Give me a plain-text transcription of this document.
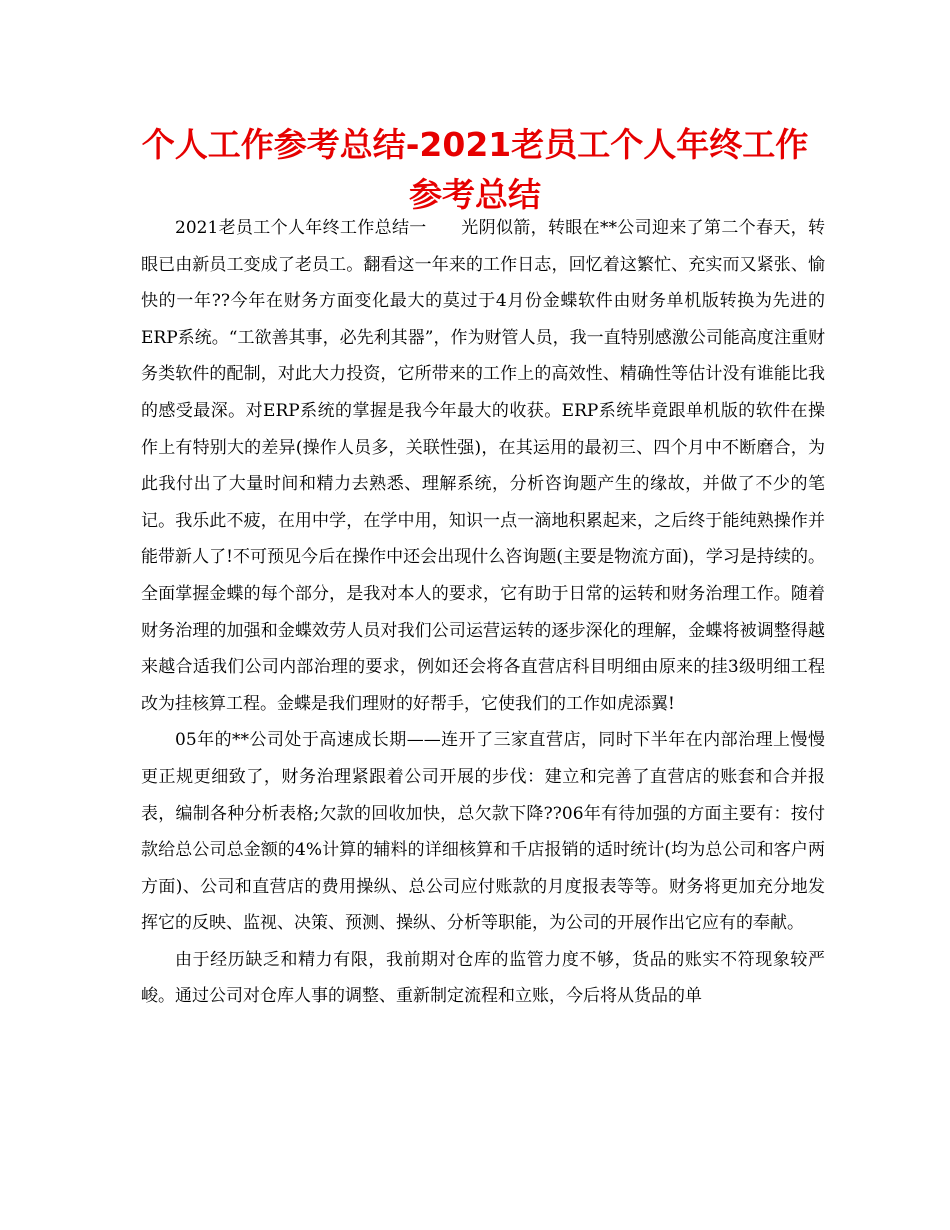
个人工作参考总结-2021老员工个人年终工作参考总结

2021老员工个人年终工作总结一　　光阴似箭，转眼在**公司迎来了第二个春天，转眼已由新员工变成了老员工。翻看这一年来的工作日志，回忆着这繁忙、充实而又紧张、愉快的一年??今年在财务方面变化最大的莫过于4月份金蝶软件由财务单机版转换为先进的ERP系统。“工欲善其事，必先利其器”，作为财管人员，我一直特别感激公司能高度注重财务类软件的配制，对此大力投资，它所带来的工作上的高效性、精确性等估计没有谁能比我的感受最深。对ERP系统的掌握是我今年最大的收获。ERP系统毕竟跟单机版的软件在操作上有特别大的差异(操作人员多，关联性强)，在其运用的最初三、四个月中不断磨合，为此我付出了大量时间和精力去熟悉、理解系统，分析咨询题产生的缘故，并做了不少的笔记。我乐此不疲，在用中学，在学中用，知识一点一滴地积累起来，之后终于能纯熟操作并能带新人了!不可预见今后在操作中还会出现什么咨询题(主要是物流方面)，学习是持续的。全面掌握金蝶的每个部分，是我对本人的要求，它有助于日常的运转和财务治理工作。随着财务治理的加强和金蝶效劳人员对我们公司运营运转的逐步深化的理解，金蝶将被调整得越来越合适我们公司内部治理的要求，例如还会将各直营店科目明细由原来的挂3级明细工程改为挂核算工程。金蝶是我们理财的好帮手，它使我们的工作如虎添翼!

05年的**公司处于高速成长期——连开了三家直营店，同时下半年在内部治理上慢慢更正规更细致了，财务治理紧跟着公司开展的步伐：建立和完善了直营店的账套和合并报表，编制各种分析表格;欠款的回收加快，总欠款下降??06年有待加强的方面主要有：按付款给总公司总金额的4%计算的辅料的详细核算和千店报销的适时统计(均为总公司和客户两方面)、公司和直营店的费用操纵、总公司应付账款的月度报表等等。财务将更加充分地发挥它的反映、监视、决策、预测、操纵、分析等职能，为公司的开展作出它应有的奉献。

由于经历缺乏和精力有限，我前期对仓库的监管力度不够，货品的账实不符现象较严峻。通过公司对仓库人事的调整、重新制定流程和立账，今后将从货品的单
